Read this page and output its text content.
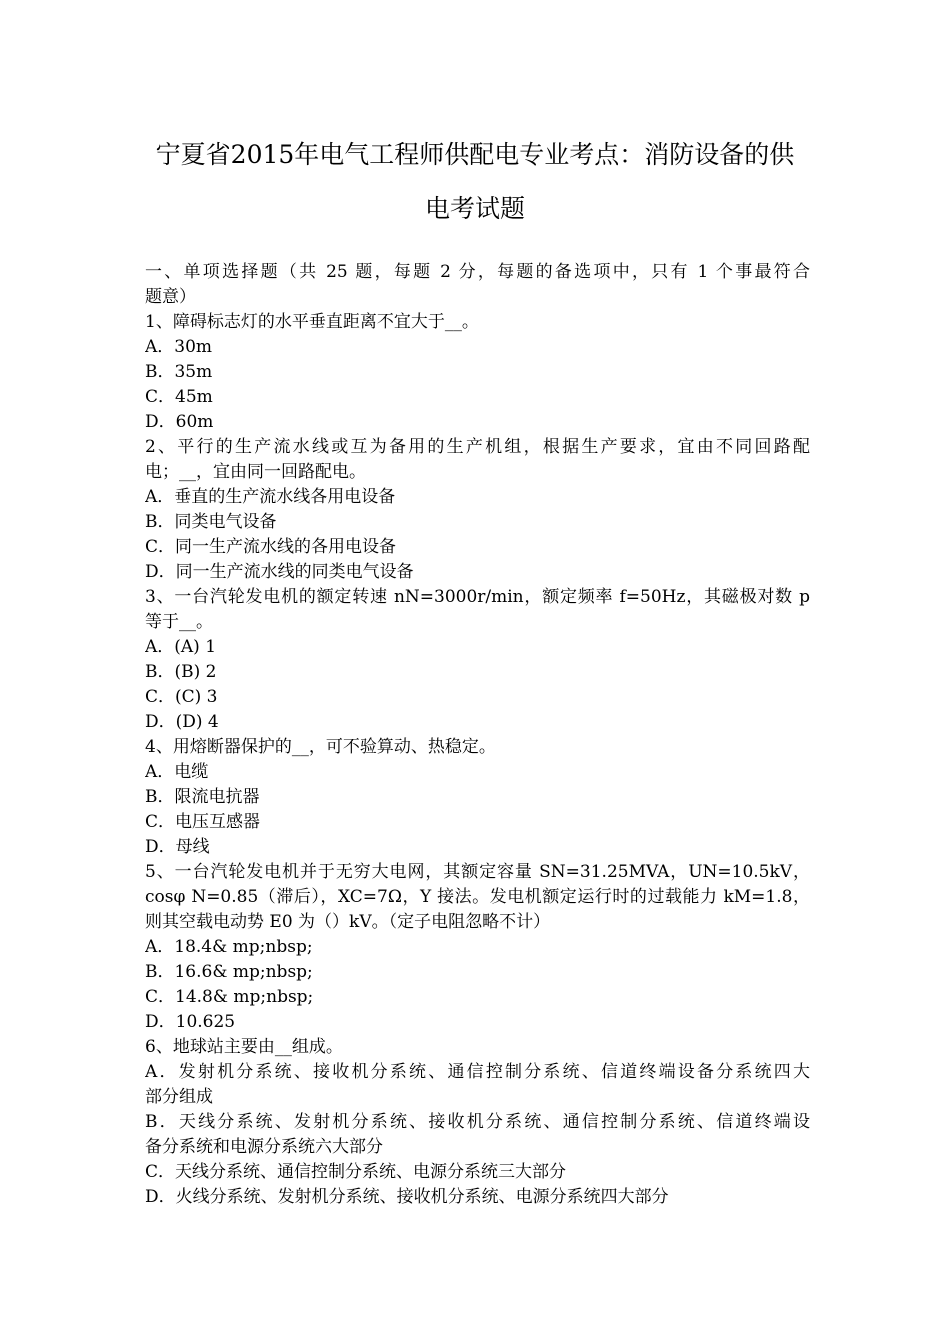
宁夏省2015年电气工程师供配电专业考点：消防设备的供
电考试题
一、单项选择题（共 25 题，每题 2 分，每题的备选项中，只有 1 个事最符合
题意）
1、障碍标志灯的水平垂直距离不宜大于__。
A．30m
B．35m
C．45m
D．60m
2、平行的生产流水线或互为备用的生产机组，根据生产要求，宜由不同回路配
电；__，宜由同一回路配电。
A．垂直的生产流水线各用电设备
B．同类电气设备
C．同一生产流水线的各用电设备
D．同一生产流水线的同类电气设备
3、一台汽轮发电机的额定转速 nN=3000r/min，额定频率 f=50Hz，其磁极对数 p
等于__。
A．(A) 1
B．(B) 2
C．(C) 3
D．(D) 4
4、用熔断器保护的__，可不验算动、热稳定。
A．电缆
B．限流电抗器
C．电压互感器
D．母线
5、一台汽轮发电机并于无穷大电网，其额定容量 SN=31.25MVA，UN=10.5kV，
cosφ N=0.85（滞后），XC=7Ω，Y 接法。发电机额定运行时的过载能力 kM=1.8，
则其空载电动势 E0 为（）kV。（定子电阻忽略不计）
A．18.4& mp;nbsp;
B．16.6& mp;nbsp;
C．14.8& mp;nbsp;
D．10.625
6、地球站主要由__组成。
A．发射机分系统、接收机分系统、通信控制分系统、信道终端设备分系统四大
部分组成
B．天线分系统、发射机分系统、接收机分系统、通信控制分系统、信道终端设
备分系统和电源分系统六大部分
C．天线分系统、通信控制分系统、电源分系统三大部分
D．火线分系统、发射机分系统、接收机分系统、电源分系统四大部分
